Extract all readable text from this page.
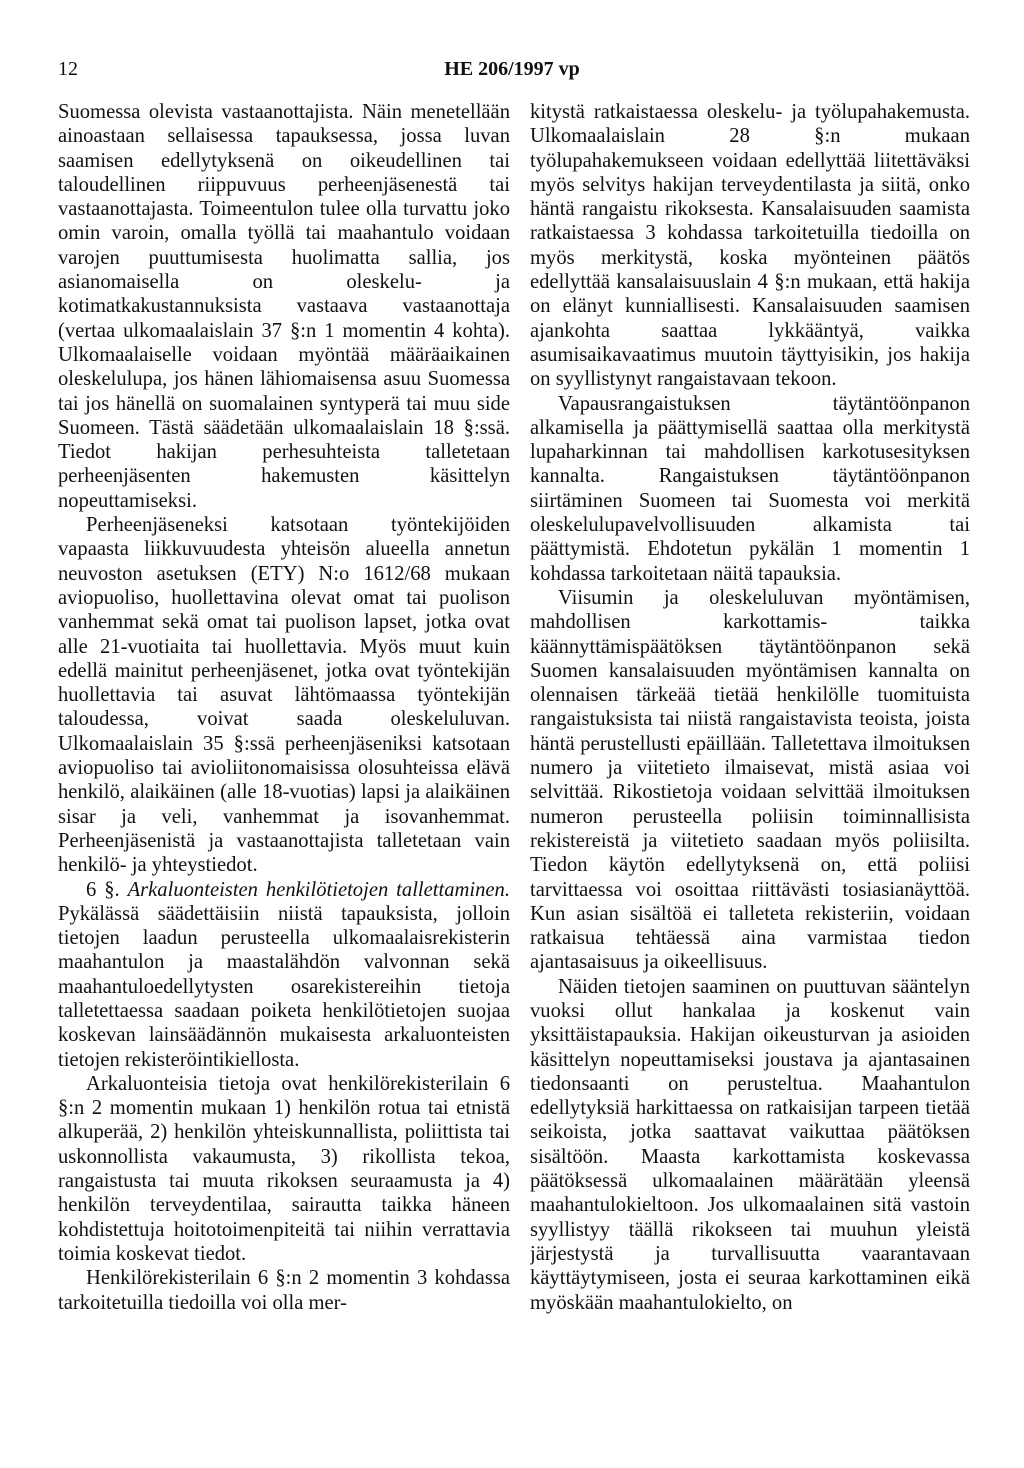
12	HE 206/1997 vp

Suomessa olevista vastaanottajista. Näin menetellään ainoastaan sellaisessa tapauksessa, jossa luvan saamisen edellytyksenä on oikeudellinen tai taloudellinen riippuvuus perheenjäsenestä tai vastaanottajasta. Toimeentulon tulee olla turvattu joko omin varoin, omalla työllä tai maahantulo voidaan varojen puuttumisesta huolimatta sallia, jos asianomaisella on oleskelu- ja kotimatkakustannuksista vastaava vastaanottaja (vertaa ulkomaalaislain 37 §:n 1 momentin 4 kohta). Ulkomaalaiselle voidaan myöntää määräaikainen oleskelulupa, jos hänen lähiomaisensa asuu Suomessa tai jos hänellä on suomalainen syntyperä tai muu side Suomeen. Tästä säädetään ulkomaalaislain 18 §:ssä. Tiedot hakijan perhesuhteista talletetaan perheenjäsenten hakemusten käsittelyn nopeuttamiseksi.

Perheenjäseneksi katsotaan työntekijöiden vapaasta liikkuvuudesta yhteisön alueella annetun neuvoston asetuksen (ETY) N:o 1612/68 mukaan aviopuoliso, huollettavina olevat omat tai puolison vanhemmat sekä omat tai puolison lapset, jotka ovat alle 21-vuotiaita tai huollettavia. Myös muut kuin edellä mainitut perheenjäsenet, jotka ovat työntekijän huollettavia tai asuvat lähtömaassa työntekijän taloudessa, voivat saada oleskeluluvan. Ulkomaalaislain 35 §:ssä perheenjäseniksi katsotaan aviopuoliso tai avioliitonomaisissa olosuhteissa elävä henkilö, alaikäinen (alle 18-vuotias) lapsi ja alaikäinen sisar ja veli, vanhemmat ja isovanhemmat. Perheenjäsenistä ja vastaanottajista talletetaan vain henkilö- ja yhteystiedot.

6 §. Arkaluonteisten henkilötietojen tallettaminen. Pykälässä säädettäisiin niistä tapauksista, jolloin tietojen laadun perusteella ulkomaalaisrekisterin maahantulon ja maastalähdön valvonnan sekä maahantuloedellytysten osarekistereihin tietoja talletettaessa saadaan poiketa henkilötietojen suojaa koskevan lainsäädännön mukaisesta arkaluonteisten tietojen rekisteröintikiellosta.

Arkaluonteisia tietoja ovat henkilörekisterilain 6 §:n 2 momentin mukaan 1) henkilön rotua tai etnistä alkuperää, 2) henkilön yhteiskunnallista, poliittista tai uskonnollista vakaumusta, 3) rikollista tekoa, rangaistusta tai muuta rikoksen seuraamusta ja 4) henkilön terveydentilaa, sairautta taikka häneen kohdistettuja hoitotoimenpiteitä tai niihin verrattavia toimia koskevat tiedot.

Henkilörekisterilain 6 §:n 2 momentin 3 kohdassa tarkoitetuilla tiedoilla voi olla mer-

kitystä ratkaistaessa oleskelu- ja työlupahakemusta. Ulkomaalaislain 28 §:n mukaan työlupahakemukseen voidaan edellyttää liitettäväksi myös selvitys hakijan terveydentilasta ja siitä, onko häntä rangaistu rikoksesta. Kansalaisuuden saamista ratkaistaessa 3 kohdassa tarkoitetuilla tiedoilla on myös merkitystä, koska myönteinen päätös edellyttää kansalaisuuslain 4 §:n mukaan, että hakija on elänyt kunniallisesti. Kansalaisuuden saamisen ajankohta saattaa lykkääntyä, vaikka asumisaikavaatimus muutoin täyttyisikin, jos hakija on syyllistynyt rangaistavaan tekoon.

Vapausrangaistuksen täytäntöönpanon alkamisella ja päättymisellä saattaa olla merkitystä lupaharkinnan tai mahdollisen karkotusesityksen kannalta. Rangaistuksen täytäntöönpanon siirtäminen Suomeen tai Suomesta voi merkitä oleskelulupavelvollisuuden alkamista tai päättymistä. Ehdotetun pykälän 1 momentin 1 kohdassa tarkoitetaan näitä tapauksia.

Viisumin ja oleskeluluvan myöntämisen, mahdollisen karkottamis- taikka käännyttämispäätöksen täytäntöönpanon sekä Suomen kansalaisuuden myöntämisen kannalta on olennaisen tärkeää tietää henkilölle tuomituista rangaistuksista tai niistä rangaistavista teoista, joista häntä perustellusti epäillään. Talletettava ilmoituksen numero ja viitetieto ilmaisevat, mistä asiaa voi selvittää. Rikostietoja voidaan selvittää ilmoituksen numeron perusteella poliisin toiminnallisista rekistereistä ja viitetieto saadaan myös poliisilta. Tiedon käytön edellytyksenä on, että poliisi tarvittaessa voi osoittaa riittävästi tosiasianäyttöä. Kun asian sisältöä ei talleteta rekisteriin, voidaan ratkaisua tehtäessä aina varmistaa tiedon ajantasaisuus ja oikeellisuus.

Näiden tietojen saaminen on puuttuvan sääntelyn vuoksi ollut hankalaa ja koskenut vain yksittäistapauksia. Hakijan oikeusturvan ja asioiden käsittelyn nopeuttamiseksi joustava ja ajantasainen tiedonsaanti on perusteltua. Maahantulon edellytyksiä harkittaessa on ratkaisijan tarpeen tietää seikoista, jotka saattavat vaikuttaa päätöksen sisältöön. Maasta karkottamista koskevassa päätöksessä ulkomaalainen määrätään yleensä maahantulokieltoon. Jos ulkomaalainen sitä vastoin syyllistyy täällä rikokseen tai muuhun yleistä järjestystä ja turvallisuutta vaarantavaan käyttäytymiseen, josta ei seuraa karkottaminen eikä myöskään maahantulokielto, on
